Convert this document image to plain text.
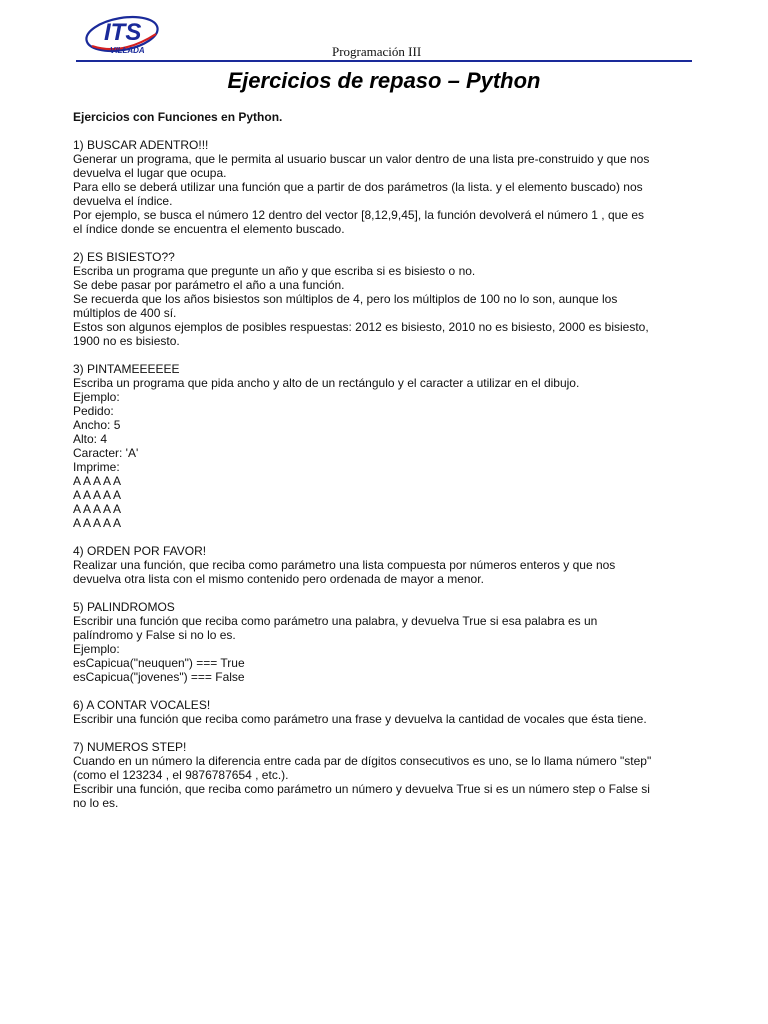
ITS
VILLADA	Programación III
Ejercicios de repaso – Python
Ejercicios con Funciones en Python.
1) BUSCAR ADENTRO!!!
Generar un programa, que le permita al usuario buscar un valor dentro de una lista pre-construido y que nos
devuelva el lugar que ocupa.
Para ello se deberá utilizar una función que a partir de dos parámetros (la lista. y el elemento buscado) nos
devuelva el índice.
Por ejemplo, se busca el número 12 dentro del vector [8,12,9,45], la función devolverá el número 1 , que es
el índice donde se encuentra el elemento buscado.
2) ES BISIESTO??
Escriba un programa que pregunte un año y que escriba si es bisiesto o no.
Se debe pasar por parámetro el año a una función.
Se recuerda que los años bisiestos son múltiplos de 4, pero los múltiplos de 100 no lo son, aunque los
múltiplos de 400 sí.
Estos son algunos ejemplos de posibles respuestas: 2012 es bisiesto, 2010 no es bisiesto, 2000 es bisiesto,
1900 no es bisiesto.
3) PINTAMEEEEEE
Escriba un programa que pida ancho y alto de un rectángulo y el caracter a utilizar en el dibujo.
Ejemplo:
Pedido:
Ancho: 5
Alto: 4
Caracter: 'A'
Imprime:
A A A A A
A A A A A
A A A A A
A A A A A
4) ORDEN POR FAVOR!
Realizar una función, que reciba como parámetro una lista compuesta por números enteros y que nos
devuelva otra lista con el mismo contenido pero ordenada de mayor a menor.
5) PALINDROMOS
Escribir una función que reciba como parámetro una palabra, y devuelva True si esa palabra es un
palíndromo y False si no lo es.
Ejemplo:
esCapicua("neuquen") === True
esCapicua("jovenes") === False
6) A CONTAR VOCALES!
Escribir una función que reciba como parámetro una frase y devuelva la cantidad de vocales que ésta tiene.
7) NUMEROS STEP!
Cuando en un número la diferencia entre cada par de dígitos consecutivos es uno, se lo llama número "step"
(como el 123234 , el 9876787654 , etc.).
Escribir una función, que reciba como parámetro un número y devuelva True si es un número step o False si
no lo es.
